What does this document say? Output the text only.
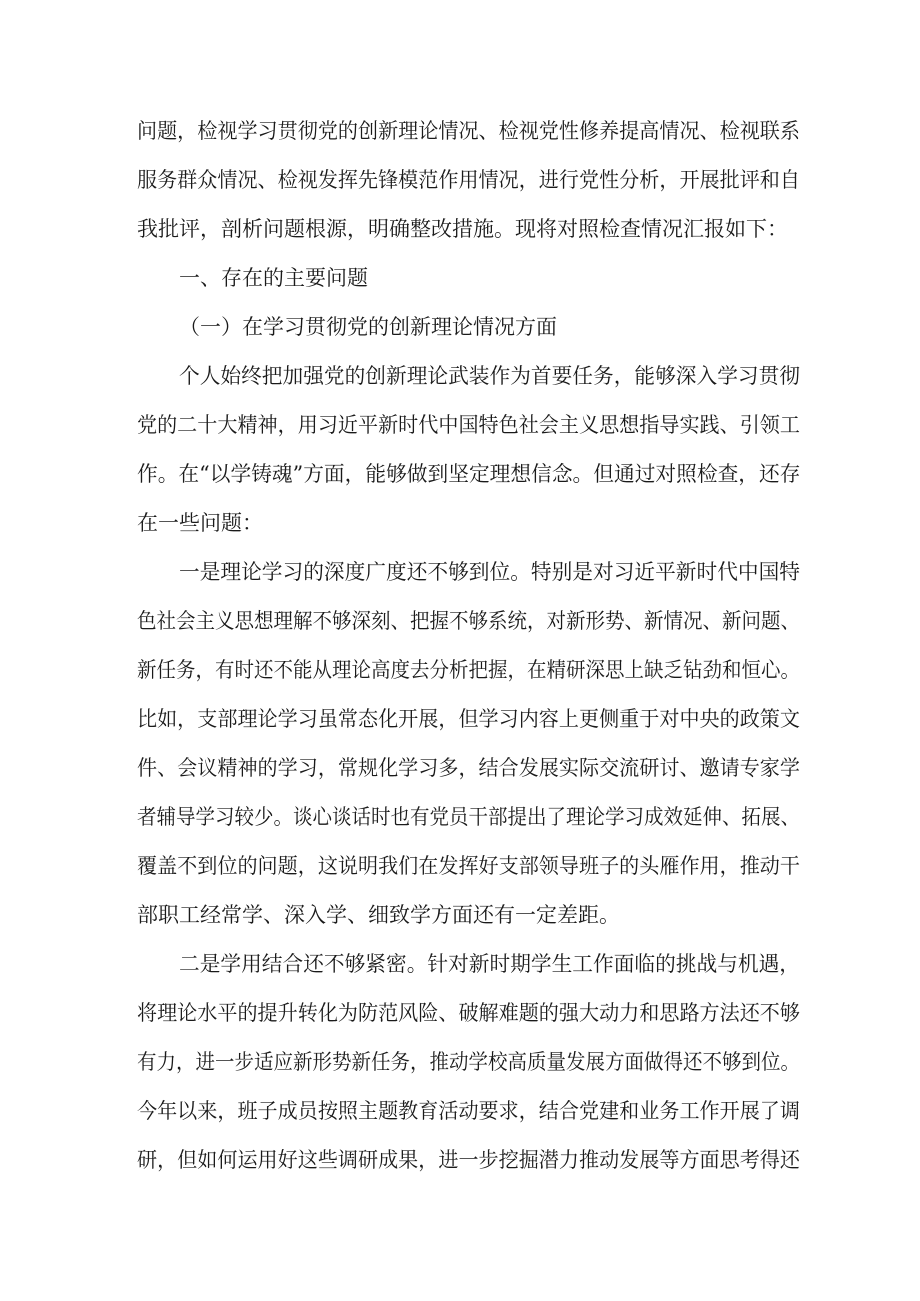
问题，检视学习贯彻党的创新理论情况、检视党性修养提高情况、检视联系
服务群众情况、检视发挥先锋模范作用情况，进行党性分析，开展批评和自
我批评，剖析问题根源，明确整改措施。现将对照检查情况汇报如下：
一、存在的主要问题
（一）在学习贯彻党的创新理论情况方面
个人始终把加强党的创新理论武装作为首要任务，能够深入学习贯彻
党的二十大精神，用习近平新时代中国特色社会主义思想指导实践、引领工
作。在“以学铸魂”方面，能够做到坚定理想信念。但通过对照检查，还存
在一些问题：
一是理论学习的深度广度还不够到位。特别是对习近平新时代中国特
色社会主义思想理解不够深刻、把握不够系统，对新形势、新情况、新问题、
新任务，有时还不能从理论高度去分析把握，在精研深思上缺乏钻劲和恒心。
比如，支部理论学习虽常态化开展，但学习内容上更侧重于对中央的政策文
件、会议精神的学习，常规化学习多，结合发展实际交流研讨、邀请专家学
者辅导学习较少。谈心谈话时也有党员干部提出了理论学习成效延伸、拓展、
覆盖不到位的问题，这说明我们在发挥好支部领导班子的头雁作用，推动干
部职工经常学、深入学、细致学方面还有一定差距。
二是学用结合还不够紧密。针对新时期学生工作面临的挑战与机遇，
将理论水平的提升转化为防范风险、破解难题的强大动力和思路方法还不够
有力，进一步适应新形势新任务，推动学校高质量发展方面做得还不够到位。
今年以来，班子成员按照主题教育活动要求，结合党建和业务工作开展了调
研，但如何运用好这些调研成果，进一步挖掘潜力推动发展等方面思考得还
